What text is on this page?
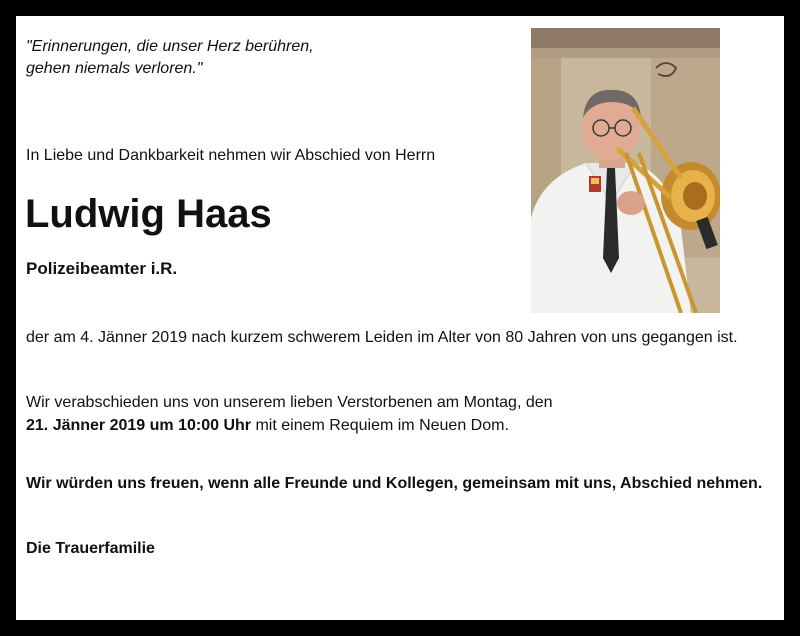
"Erinnerungen, die unser Herz berühren, gehen niemals verloren."

In Liebe und Dankbarkeit nehmen wir Abschied von Herrn

Ludwig Haas

Polizeibeamter i.R.

der am 4. Jänner 2019 nach kurzem schwerem Leiden im Alter von 80 Jahren von uns gegangen ist.

Wir verabschieden uns von unserem lieben Verstorbenen am Montag, den
21. Jänner 2019 um 10:00 Uhr mit einem Requiem im Neuen Dom.

Wir würden uns freuen, wenn alle Freunde und Kollegen, gemeinsam mit uns, Abschied nehmen.

Die Trauerfamilie
